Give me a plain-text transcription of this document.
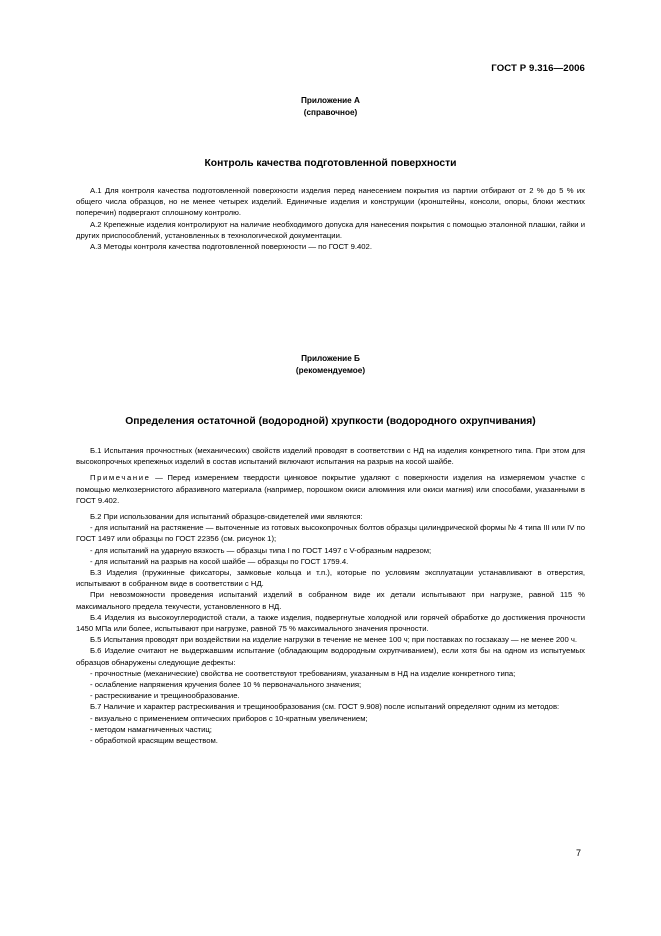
ГОСТ Р 9.316—2006
Приложение А
(справочное)
Контроль качества подготовленной поверхности

А.1 Для контроля качества подготовленной поверхности изделия перед нанесением покрытия из партии отбирают от 2 % до 5 % их общего числа образцов, но не менее четырех изделий. Единичные изделия и конструкции (кронштейны, консоли, опоры, блоки жестких поперечин) подвергают сплошному контролю.

А.2 Крепежные изделия контролируют на наличие необходимого допуска для нанесения покрытия с помощью эталонной плашки, гайки и других приспособлений, установленных в технологической документации.

А.3 Методы контроля качества подготовленной поверхности — по ГОСТ 9.402.

Приложение Б
(рекомендуемое)
Определения остаточной (водородной) хрупкости (водородного охрупчивания)

Б.1 Испытания прочностных (механических) свойств изделий проводят в соответствии с НД на изделия конкретного типа. При этом для высокопрочных крепежных изделий в состав испытаний включают испытания на разрыв на косой шайбе.

Примечание — Перед измерением твердости цинковое покрытие удаляют с поверхности изделия на измеряемом участке с помощью мелкозернистого абразивного материала (например, порошком окиси алюминия или окиси магния) или способами, указанными в ГОСТ 9.402.

Б.2 При использовании для испытаний образцов-свидетелей ими являются:

- для испытаний на растяжение — выточенные из готовых высокопрочных болтов образцы цилиндрической формы № 4 типа III или IV по ГОСТ 1497 или образцы по ГОСТ 22356 (см. рисунок 1);

- для испытаний на ударную вязкость — образцы типа I по ГОСТ 1497 с V-образным надрезом;

- для испытаний на разрыв на косой шайбе — образцы по ГОСТ 1759.4.

Б.3 Изделия (пружинные фиксаторы, замковые кольца и т.п.), которые по условиям эксплуатации устанавливают в отверстия, испытывают в собранном виде в соответствии с НД.

При невозможности проведения испытаний изделий в собранном виде их детали испытывают при нагрузке, равной 115 % максимального предела текучести, установленного в НД.

Б.4 Изделия из высокоуглеродистой стали, а также изделия, подвергнутые холодной или горячей обработке до достижения прочности 1450 МПа или более, испытывают при нагрузке, равной 75 % максимального значения прочности.

Б.5 Испытания проводят при воздействии на изделие нагрузки в течение не менее 100 ч; при поставках по госзаказу — не менее 200 ч.

Б.6 Изделие считают не выдержавшим испытание (обладающим водородным охрупчиванием), если хотя бы на одном из испытуемых образцов обнаружены следующие дефекты:

- прочностные (механические) свойства не соответствуют требованиям, указанным в НД на изделие конкретного типа;

- ослабление напряжения кручения более 10 % первоначального значения;

- растрескивание и трещинообразование.

Б.7 Наличие и характер растрескивания и трещинообразования (см. ГОСТ 9.908) после испытаний определяют одним из методов:

- визуально с применением оптических приборов с 10-кратным увеличением;

- методом намагниченных частиц;

- обработкой красящим веществом.

7
